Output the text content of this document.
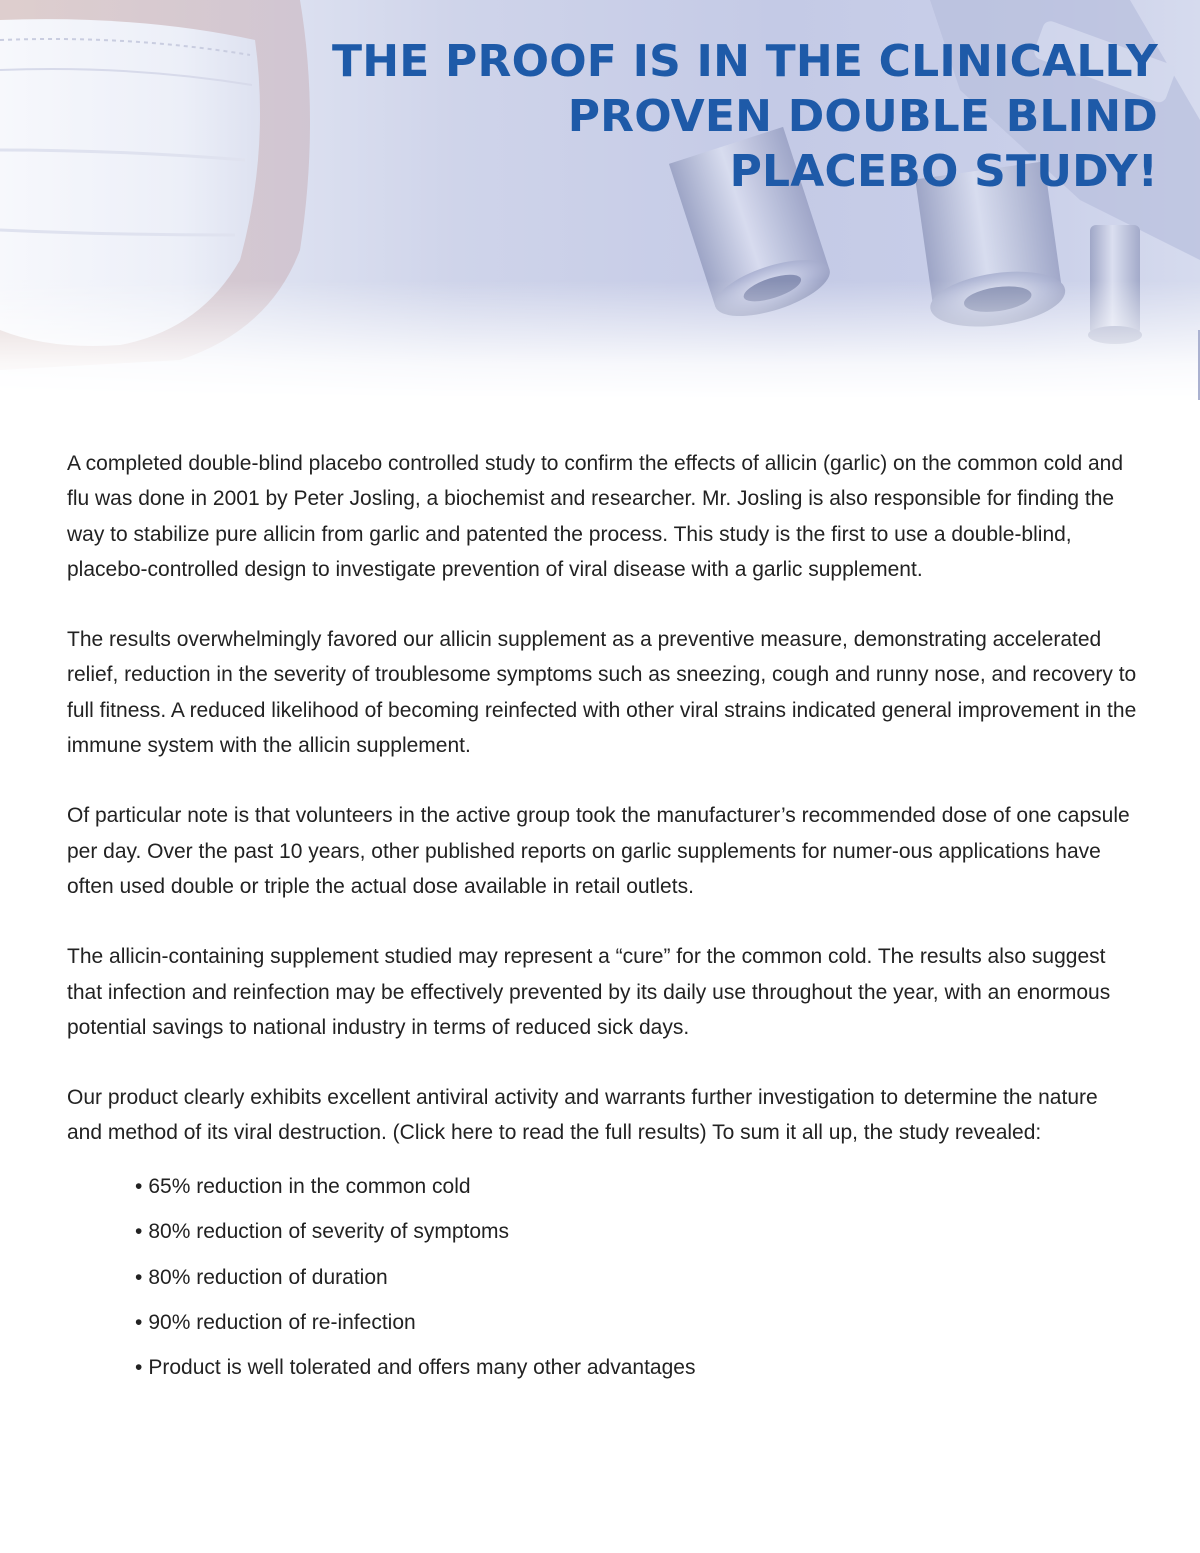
THE PROOF IS IN THE CLINICALLY
PROVEN DOUBLE BLIND
PLACEBO STUDY!

A completed double-blind placebo controlled study to confirm the effects of allicin (garlic) on the common cold and flu was done in 2001 by Peter Josling, a biochemist and researcher. Mr. Josling is also responsible for finding the way to stabilize pure allicin from garlic and patented the process. This study is the first to use a double-blind, placebo-controlled design to investigate prevention of viral disease with a garlic supplement.

The results overwhelmingly favored our allicin supplement as a preventive measure, demonstrating accelerated relief, reduction in the severity of troublesome symptoms such as sneezing, cough and runny nose, and recovery to full fitness. A reduced likelihood of becoming reinfected with other viral strains indicated general improvement in the immune system with the allicin supplement.

Of particular note is that volunteers in the active group took the manufacturer’s recommended dose of one capsule per day. Over the past 10 years, other published reports on garlic supplements for numer-ous applications have often used double or triple the actual dose available in retail outlets.

The allicin-containing supplement studied may represent a “cure” for the common cold. The results also suggest that infection and reinfection may be effectively prevented by its daily use throughout the year, with an enormous potential savings to national industry in terms of reduced sick days.

Our product clearly exhibits excellent antiviral activity and warrants further investigation to determine the nature and method of its viral destruction. (Click here to read the full results) To sum it all up, the study revealed:

• 65% reduction in the common cold
• 80% reduction of severity of symptoms
• 80% reduction of duration
• 90% reduction of re-infection
• Product is well tolerated and offers many other advantages
